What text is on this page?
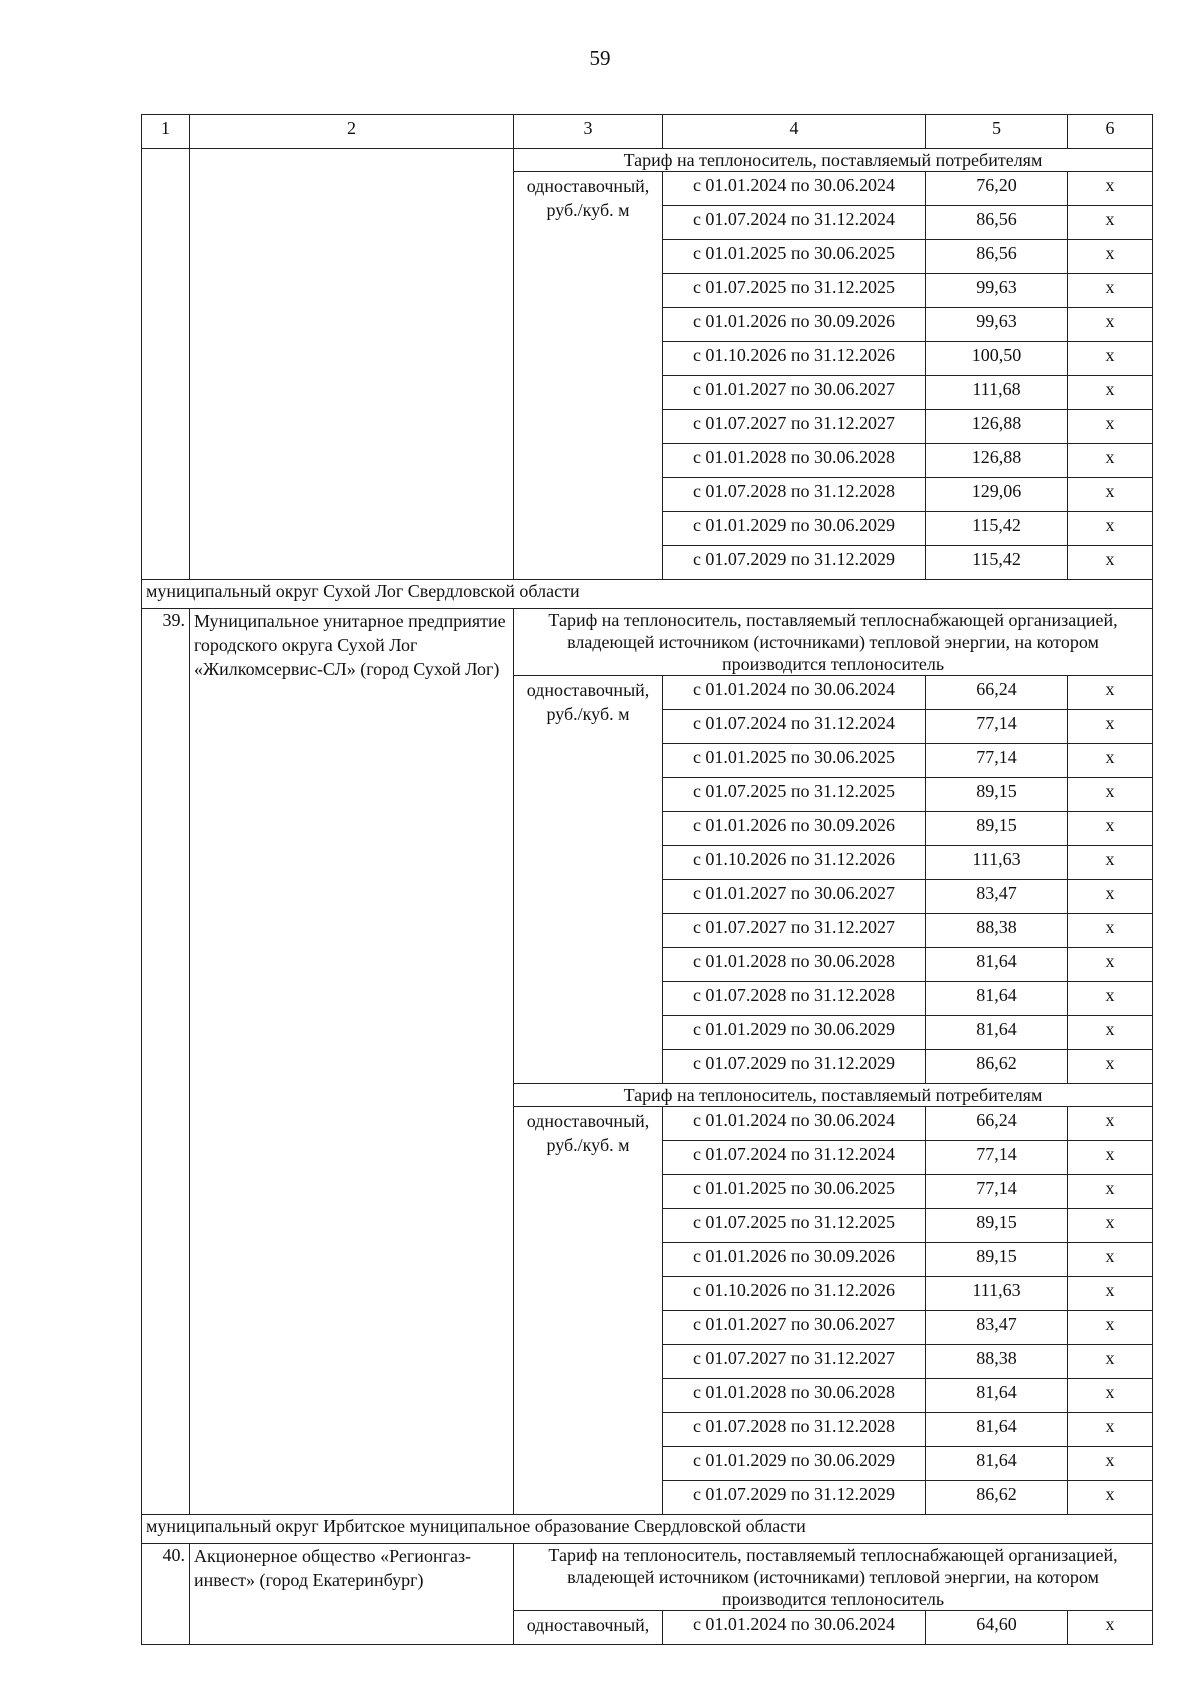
59
1	2	3	4	5	6
		Тариф на теплоноситель, поставляемый потребителям			
		одноставочный, руб./куб. м	с 01.01.2024 по 30.06.2024	76,20	х
			с 01.07.2024 по 31.12.2024	86,56	х
			с 01.01.2025 по 30.06.2025	86,56	х
			с 01.07.2025 по 31.12.2025	99,63	х
			с 01.01.2026 по 30.09.2026	99,63	х
			с 01.10.2026 по 31.12.2026	100,50	х
			с 01.01.2027 по 30.06.2027	111,68	х
			с 01.07.2027 по 31.12.2027	126,88	х
			с 01.01.2028 по 30.06.2028	126,88	х
			с 01.07.2028 по 31.12.2028	129,06	х
			с 01.01.2029 по 30.06.2029	115,42	х
			с 01.07.2029 по 31.12.2029	115,42	х
муниципальный округ Сухой Лог Свердловской области					
39.	Муниципальное унитарное предприятие городского округа Сухой Лог «Жилкомсервис-СЛ» (город Сухой Лог)	Тариф на теплоноситель, поставляемый теплоснабжающей организацией, владеющей источником (источниками) тепловой энергии, на котором производится теплоноситель			
		одноставочный, руб./куб. м	с 01.01.2024 по 30.06.2024	66,24	х
			с 01.07.2024 по 31.12.2024	77,14	х
			с 01.01.2025 по 30.06.2025	77,14	х
			с 01.07.2025 по 31.12.2025	89,15	х
			с 01.01.2026 по 30.09.2026	89,15	х
			с 01.10.2026 по 31.12.2026	111,63	х
			с 01.01.2027 по 30.06.2027	83,47	х
			с 01.07.2027 по 31.12.2027	88,38	х
			с 01.01.2028 по 30.06.2028	81,64	х
			с 01.07.2028 по 31.12.2028	81,64	х
			с 01.01.2029 по 30.06.2029	81,64	х
			с 01.07.2029 по 31.12.2029	86,62	х
		Тариф на теплоноситель, поставляемый потребителям			
		одноставочный, руб./куб. м	с 01.01.2024 по 30.06.2024	66,24	х
			с 01.07.2024 по 31.12.2024	77,14	х
			с 01.01.2025 по 30.06.2025	77,14	х
			с 01.07.2025 по 31.12.2025	89,15	х
			с 01.01.2026 по 30.09.2026	89,15	х
			с 01.10.2026 по 31.12.2026	111,63	х
			с 01.01.2027 по 30.06.2027	83,47	х
			с 01.07.2027 по 31.12.2027	88,38	х
			с 01.01.2028 по 30.06.2028	81,64	х
			с 01.07.2028 по 31.12.2028	81,64	х
			с 01.01.2029 по 30.06.2029	81,64	х
			с 01.07.2029 по 31.12.2029	86,62	х
муниципальный округ Ирбитское муниципальное образование Свердловской области					
40.	Акционерное общество «Регионгаз-инвест» (город Екатеринбург)	Тариф на теплоноситель, поставляемый теплоснабжающей организацией, владеющей источником (источниками) тепловой энергии, на котором производится теплоноситель			
		одноставочный,	с 01.01.2024 по 30.06.2024	64,60	х
